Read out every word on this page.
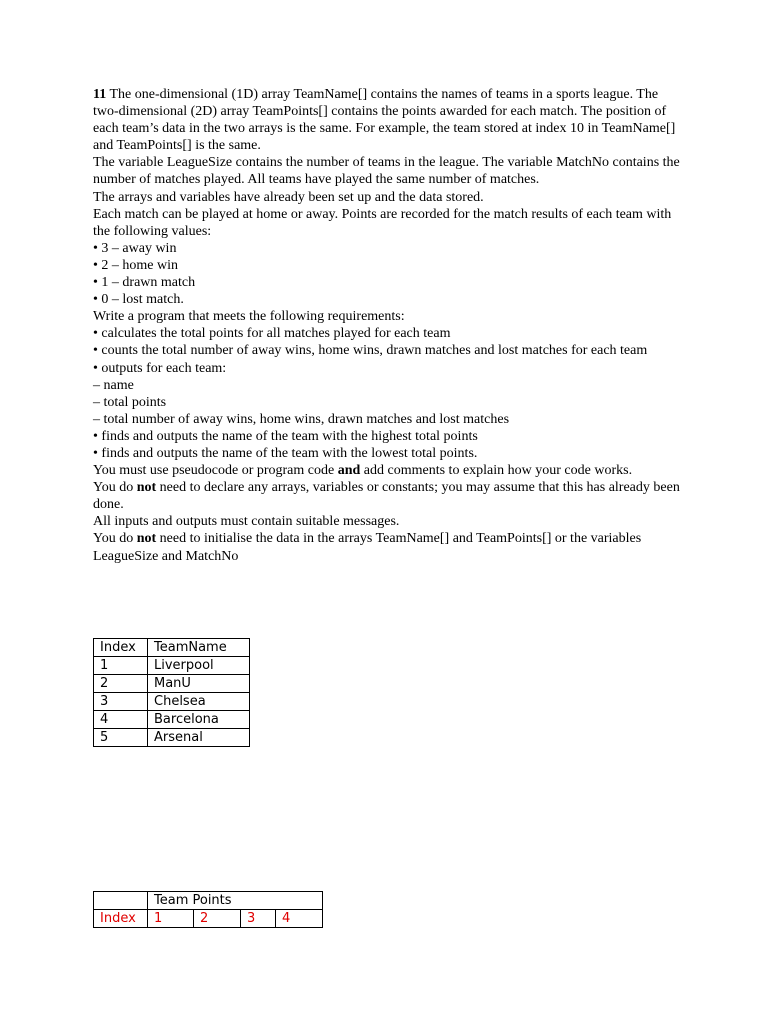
11 The one-dimensional (1D) array TeamName[] contains the names of teams in a sports league. The two-dimensional (2D) array TeamPoints[] contains the points awarded for each match. The position of each team’s data in the two arrays is the same. For example, the team stored at index 10 in TeamName[] and TeamPoints[] is the same.

The variable LeagueSize contains the number of teams in the league. The variable MatchNo contains the number of matches played. All teams have played the same number of matches.

The arrays and variables have already been set up and the data stored.

Each match can be played at home or away. Points are recorded for the match results of each team with the following values:

• 3 – away win

• 2 – home win

• 1 – drawn match

• 0 – lost match.

Write a program that meets the following requirements:

• calculates the total points for all matches played for each team

• counts the total number of away wins, home wins, drawn matches and lost matches for each team

• outputs for each team:

– name

– total points

– total number of away wins, home wins, drawn matches and lost matches

• finds and outputs the name of the team with the highest total points

• finds and outputs the name of the team with the lowest total points.

You must use pseudocode or program code and add comments to explain how your code works.

You do not need to declare any arrays, variables or constants; you may assume that this has already been done.

All inputs and outputs must contain suitable messages.

You do not need to initialise the data in the arrays TeamName[] and TeamPoints[] or the variables LeagueSize and MatchNo

Index	TeamName
1	Liverpool
2	ManU
3	Chelsea
4	Barcelona
5	Arsenal
	Team Points			
Index	1	2	3	4
